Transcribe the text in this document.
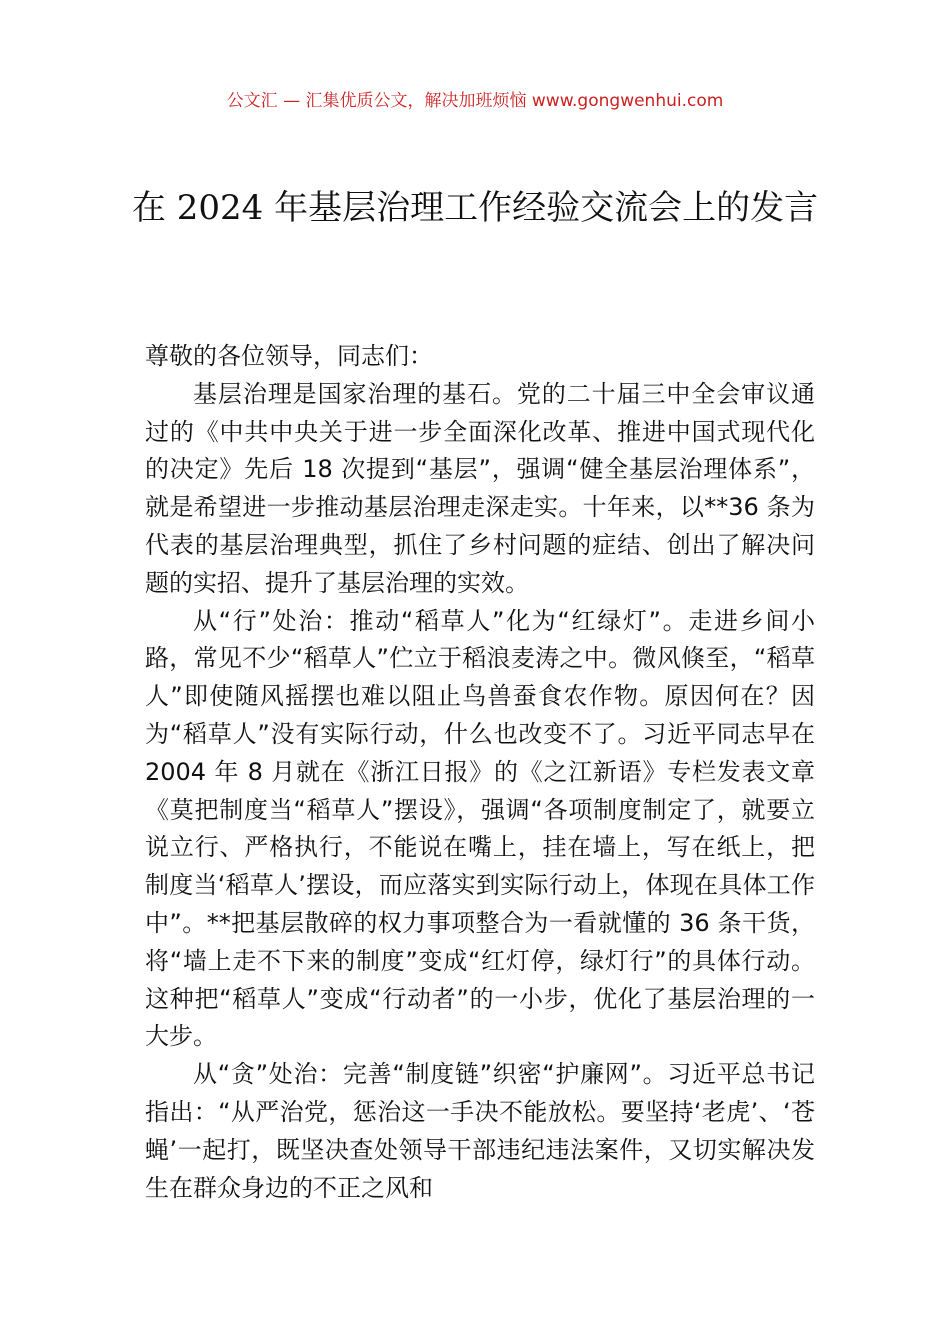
公文汇 — 汇集优质公文，解决加班烦恼 www.gongwenhui.com
在 2024 年基层治理工作经验交流会上的发言

尊敬的各位领导，同志们：

基层治理是国家治理的基石。党的二十届三中全会审议通过的《中共中央关于进一步全面深化改革、推进中国式现代化的决定》先后 18 次提到“基层”，强调“健全基层治理体系”，就是希望进一步推动基层治理走深走实。十年来，以**36 条为代表的基层治理典型，抓住了乡村问题的症结、创出了解决问题的实招、提升了基层治理的实效。

从“行”处治：推动“稻草人”化为“红绿灯”。走进乡间小路，常见不少“稻草人”伫立于稻浪麦涛之中。微风倏至，“稻草人”即使随风摇摆也难以阻止鸟兽蚕食农作物。原因何在？因为“稻草人”没有实际行动，什么也改变不了。习近平同志早在 2004 年 8 月就在《浙江日报》的《之江新语》专栏发表文章《莫把制度当“稻草人”摆设》，强调“各项制度制定了，就要立说立行、严格执行，不能说在嘴上，挂在墙上，写在纸上，把制度当‘稻草人’摆设，而应落实到实际行动上，体现在具体工作中”。**把基层散碎的权力事项整合为一看就懂的 36 条干货，将“墙上走不下来的制度”变成“红灯停，绿灯行”的具体行动。这种把“稻草人”变成“行动者”的一小步，优化了基层治理的一大步。

从“贪”处治：完善“制度链”织密“护廉网”。习近平总书记指出：“从严治党，惩治这一手决不能放松。要坚持‘老虎’、‘苍蝇’一起打，既坚决查处领导干部违纪违法案件，又切实解决发生在群众身边的不正之风和
